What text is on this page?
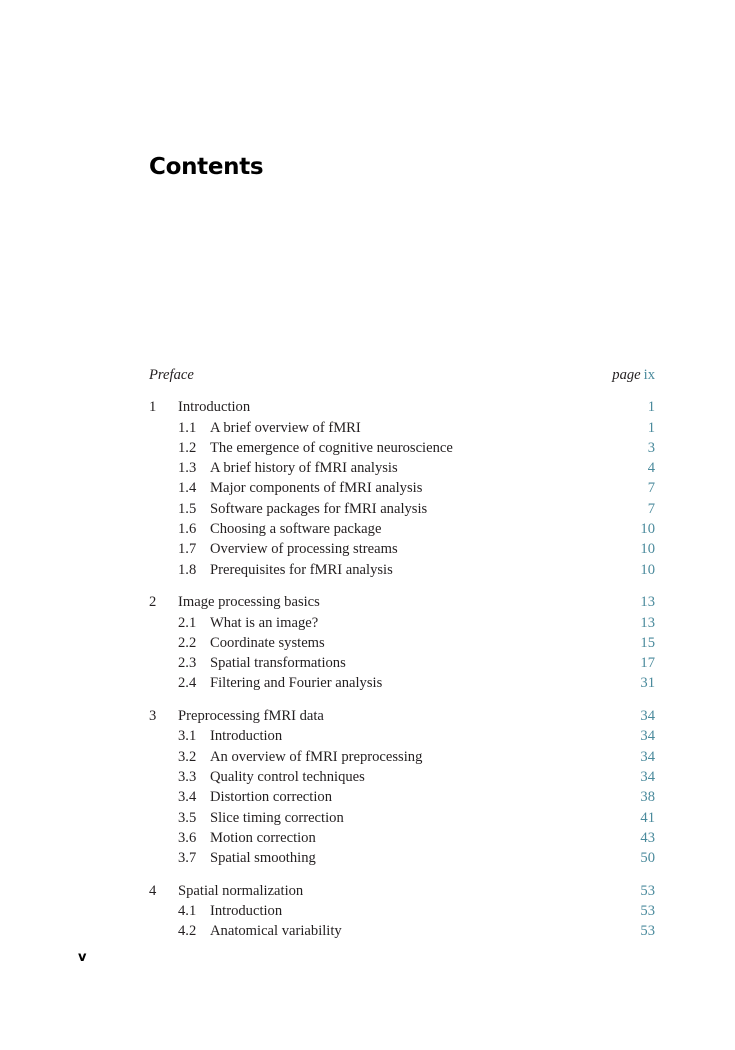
Contents
Preface	page ix
1 Introduction	1
1.1 A brief overview of fMRI	1
1.2 The emergence of cognitive neuroscience	3
1.3 A brief history of fMRI analysis	4
1.4 Major components of fMRI analysis	7
1.5 Software packages for fMRI analysis	7
1.6 Choosing a software package	10
1.7 Overview of processing streams	10
1.8 Prerequisites for fMRI analysis	10
2 Image processing basics	13
2.1 What is an image?	13
2.2 Coordinate systems	15
2.3 Spatial transformations	17
2.4 Filtering and Fourier analysis	31
3 Preprocessing fMRI data	34
3.1 Introduction	34
3.2 An overview of fMRI preprocessing	34
3.3 Quality control techniques	34
3.4 Distortion correction	38
3.5 Slice timing correction	41
3.6 Motion correction	43
3.7 Spatial smoothing	50
4 Spatial normalization	53
4.1 Introduction	53
4.2 Anatomical variability	53
v
